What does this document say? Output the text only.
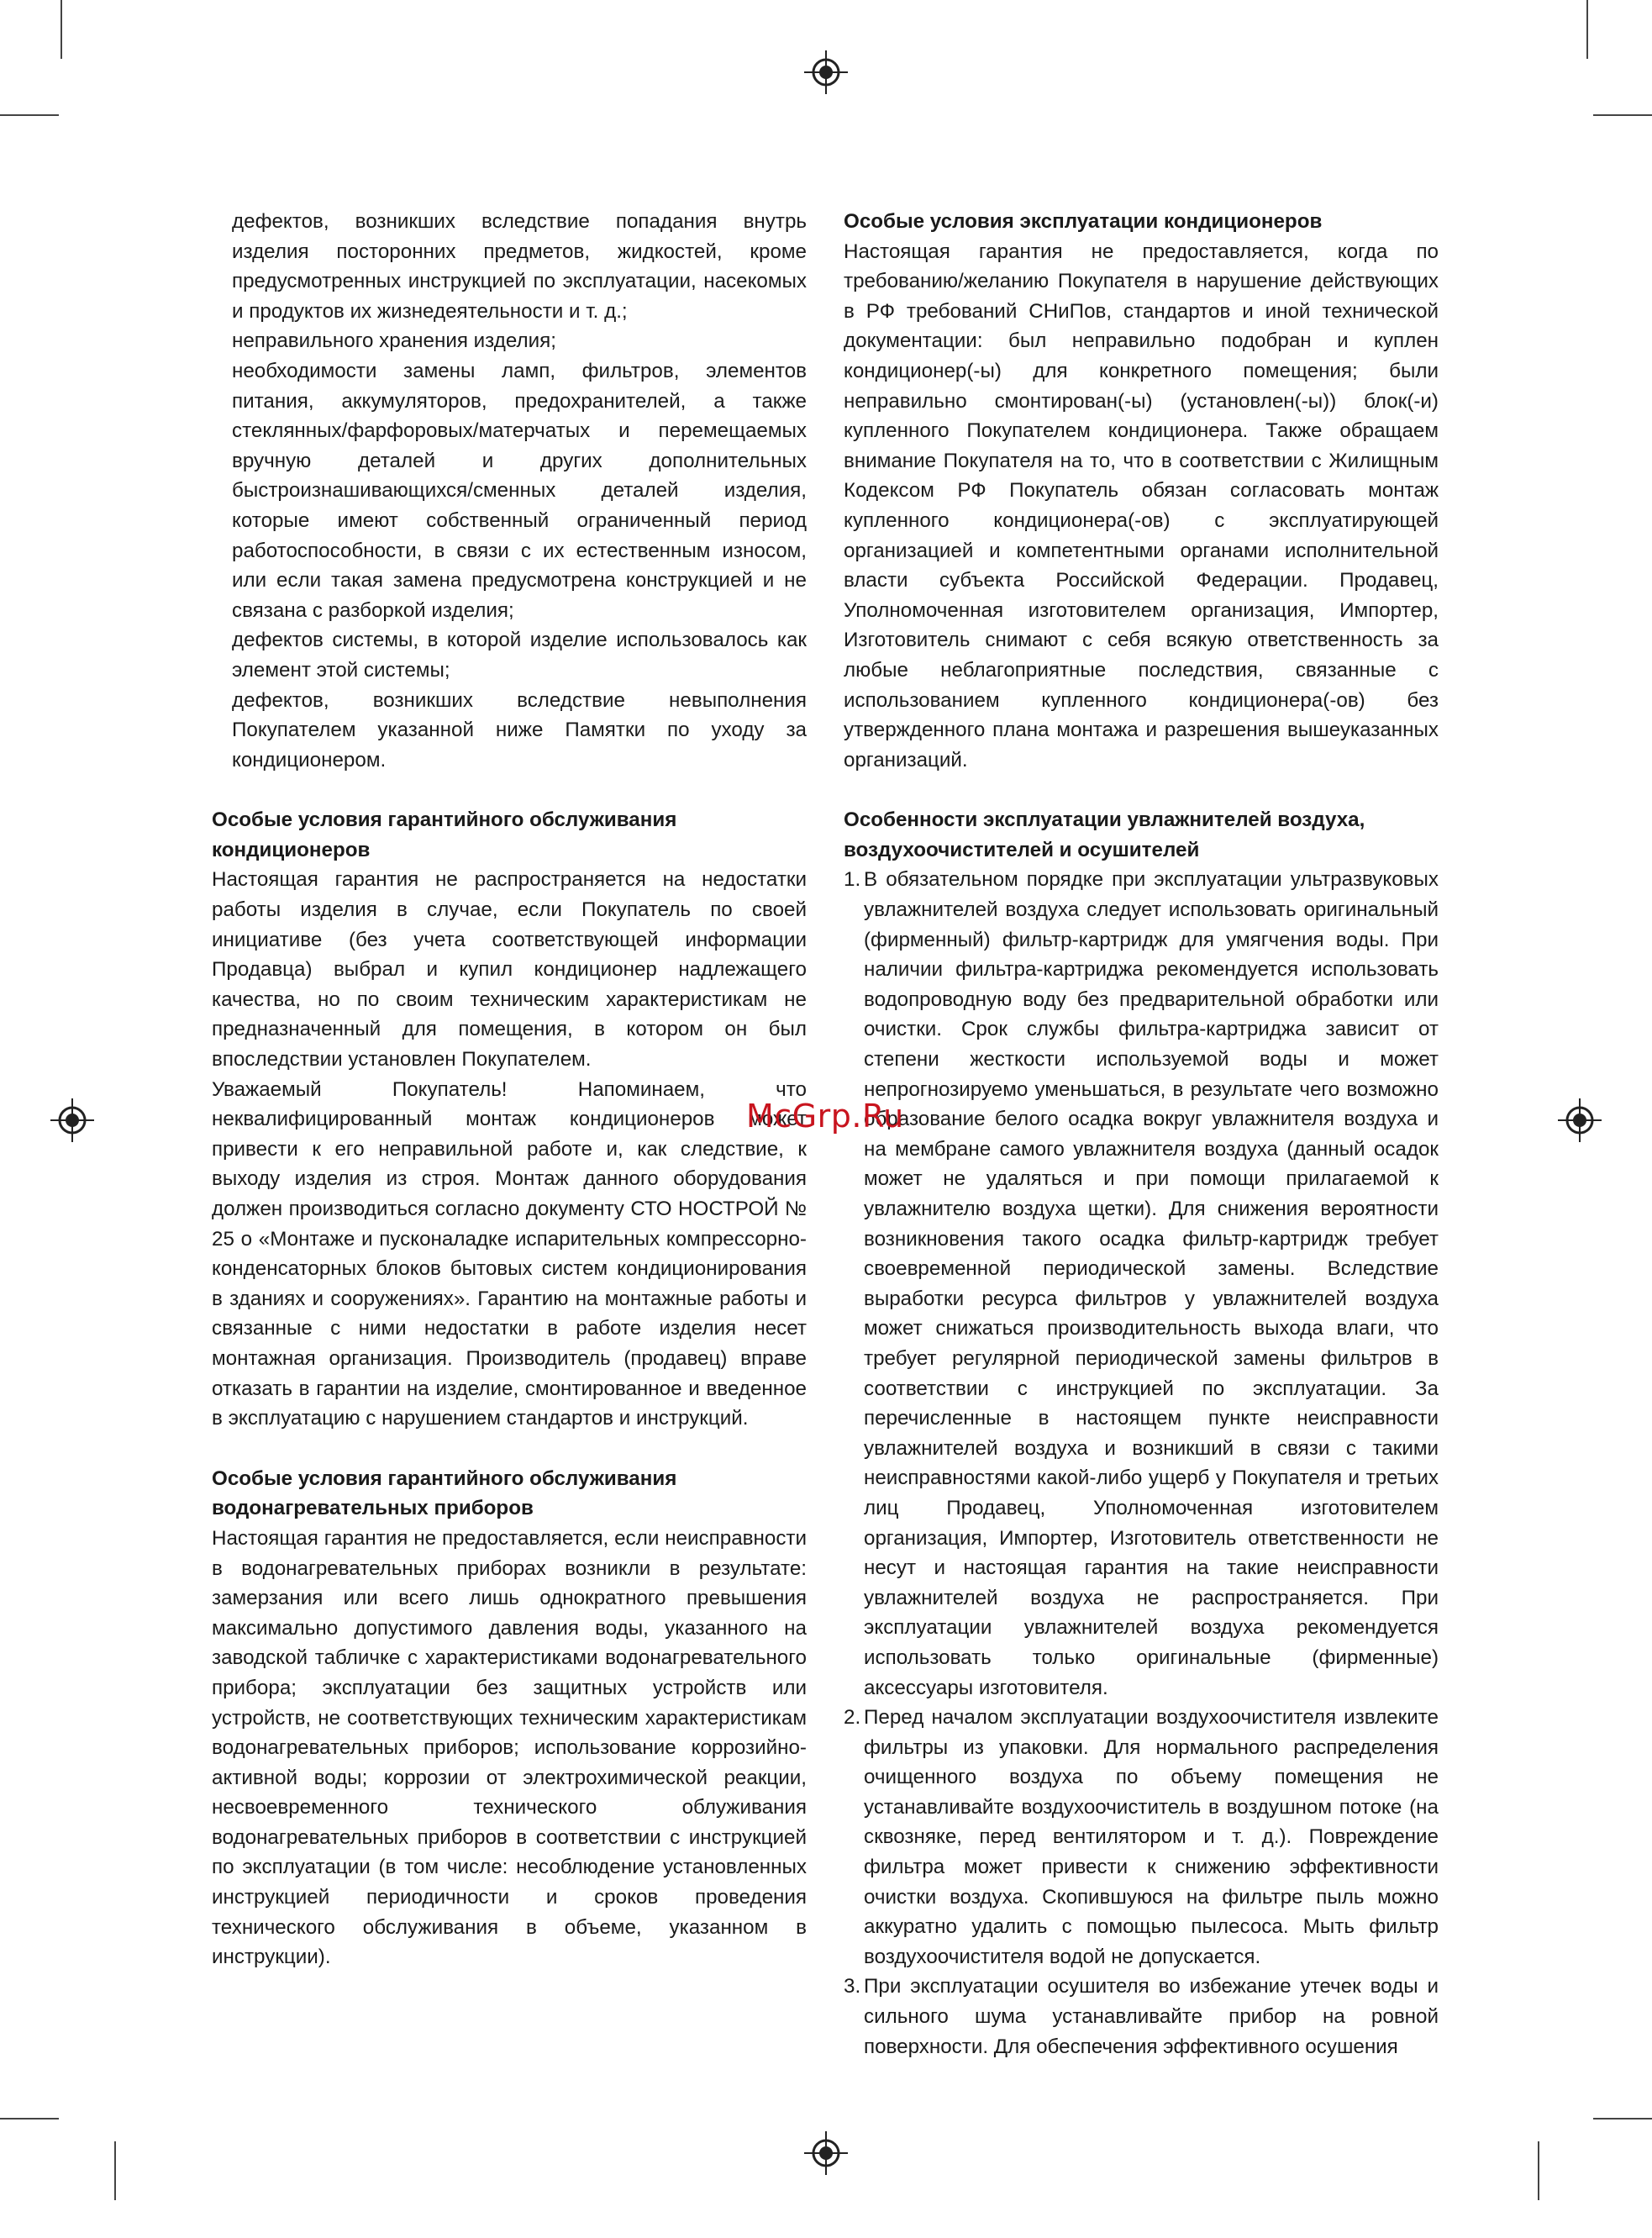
дефектов, возникших вследствие попадания внутрь изделия посторонних предметов, жидкостей, кроме предусмотренных инструкцией по эксплуатации, насекомых и продуктов их жизнедеятельности и т. д.;

неправильного хранения изделия;

необходимости замены ламп, фильтров, элементов питания, аккумуляторов, предохранителей, а также стеклянных/фарфоровых/матерчатых и перемещаемых вручную деталей и других дополнительных быстроизнашивающихся/сменных деталей изделия, которые имеют собственный ограниченный период работоспособности, в связи с их естественным износом, или если такая замена предусмотрена конструкцией и не связана с разборкой изделия;

дефектов системы, в которой изделие использовалось как элемент этой системы;

дефектов, возникших вследствие невыполнения Покупателем указанной ниже Памятки по уходу за кондиционером.

Особые условия гарантийного обслуживания кондиционеров

Настоящая гарантия не распространяется на недостатки работы изделия в случае, если Покупатель по своей инициативе (без учета соответствующей информации Продавца) выбрал и купил кондиционер надлежащего качества, но по своим техническим характеристикам не предназначенный для помещения, в котором он был впоследствии установлен Покупателем.

Уважаемый Покупатель! Напоминаем, что неквалифицированный монтаж кондиционеров может привести к его неправильной работе и, как следствие, к выходу изделия из строя. Монтаж данного оборудования должен производиться согласно документу СТО НОСТРОЙ № 25 о «Монтаже и пусконаладке испарительных компрессорно-конденсаторных блоков бытовых систем кондиционирования в зданиях и сооружениях». Гарантию на монтажные работы и связанные с ними недостатки в работе изделия несет монтажная организация. Производитель (продавец) вправе отказать в гарантии на изделие, смонтированное и введенное в эксплуатацию с нарушением стандартов и инструкций.

Особые условия гарантийного обслуживания водонагревательных приборов

Настоящая гарантия не предоставляется, если неисправности в водонагревательных приборах возникли в результате: замерзания или всего лишь однократного превышения максимально допустимого давления воды, указанного на заводской табличке с характеристиками водонагревательного прибора; эксплуатации без защитных устройств или устройств, не соответствующих техническим характеристикам водонагревательных приборов; использование коррозийно-активной воды; коррозии от электрохимической реакции, несвоевременного технического облуживания водонагревательных приборов в соответствии с инструкцией по эксплуатации (в том числе: несоблюдение установленных инструкцией периодичности и сроков проведения технического обслуживания в объеме, указанном в инструкции).

Особые условия эксплуатации кондиционеров

Настоящая гарантия не предоставляется, когда по требованию/желанию Покупателя в нарушение действующих в РФ требований СНиПов, стандартов и иной технической документации: был неправильно подобран и куплен кондиционер(-ы) для конкретного помещения; были неправильно смонтирован(-ы) (установлен(-ы)) блок(-и) купленного Покупателем кондиционера. Также обращаем внимание Покупателя на то, что в соответствии с Жилищным Кодексом РФ Покупатель обязан согласовать монтаж купленного кондиционера(-ов) с эксплуатирующей организацией и компетентными органами исполнительной власти субъекта Российской Федерации. Продавец, Уполномоченная изготовителем организация, Импортер, Изготовитель снимают с себя всякую ответственность за любые неблагоприятные последствия, связанные с использованием купленного кондиционера(-ов) без утвержденного плана монтажа и разрешения вышеуказанных организаций.

Особенности эксплуатации увлажнителей воздуха, воздухоочистителей и осушителей

1. В обязательном порядке при эксплуатации ультразвуковых увлажнителей воздуха следует использовать оригинальный (фирменный) фильтр-картридж для умягчения воды. При наличии фильтра-картриджа рекомендуется использовать водопроводную воду без предварительной обработки или очистки. Срок службы фильтра-картриджа зависит от степени жесткости используемой воды и может непрогнозируемо уменьшаться, в результате чего возможно образование белого осадка вокруг увлажнителя воздуха и на мембране самого увлажнителя воздуха (данный осадок может не удаляться и при помощи прилагаемой к увлажнителю воздуха щетки). Для снижения вероятности возникновения такого осадка фильтр-картридж требует своевременной периодической замены. Вследствие выработки ресурса фильтров у увлажнителей воздуха может снижаться производительность выхода влаги, что требует регулярной периодической замены фильтров в соответствии с инструкцией по эксплуатации. За перечисленные в настоящем пункте неисправности увлажнителей воздуха и возникший в связи с такими неисправностями какой-либо ущерб у Покупателя и третьих лиц Продавец, Уполномоченная изготовителем организация, Импортер, Изготовитель ответственности не несут и настоящая гарантия на такие неисправности увлажнителей воздуха не распространяется. При эксплуатации увлажнителей воздуха рекомендуется использовать только оригинальные (фирменные) аксессуары изготовителя.

2. Перед началом эксплуатации воздухоочистителя извлеките фильтры из упаковки. Для нормального распределения очищенного воздуха по объему помещения не устанавливайте воздухоочиститель в воздушном потоке (на сквозняке, перед вентилятором и т. д.). Повреждение фильтра может привести к снижению эффективности очистки воздуха. Скопившуюся на фильтре пыль можно аккуратно удалить с помощью пылесоса. Мыть фильтр воздухоочистителя водой не допускается.

3. При эксплуатации осушителя во избежание утечек воды и сильного шума устанавливайте прибор на ровной поверхности. Для обеспечения эффективного осушения

McGrp.Ru
